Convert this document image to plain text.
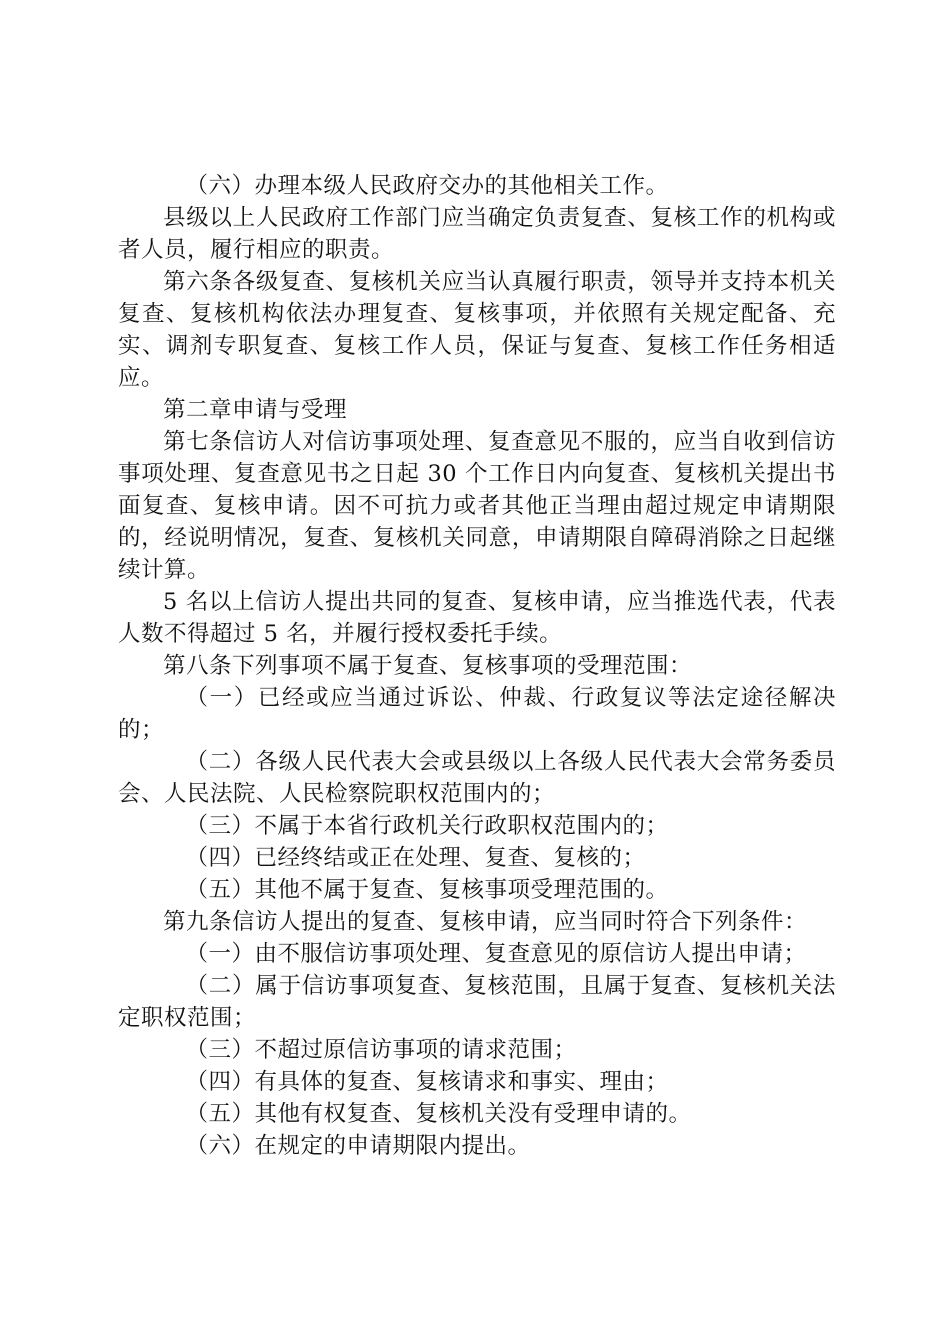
（六）办理本级人民政府交办的其他相关工作。

县级以上人民政府工作部门应当确定负责复查、复核工作的机构或者人员，履行相应的职责。

第六条各级复查、复核机关应当认真履行职责，领导并支持本机关复查、复核机构依法办理复查、复核事项，并依照有关规定配备、充实、调剂专职复查、复核工作人员，保证与复查、复核工作任务相适应。

第二章申请与受理

第七条信访人对信访事项处理、复查意见不服的，应当自收到信访事项处理、复查意见书之日起 30 个工作日内向复查、复核机关提出书面复查、复核申请。因不可抗力或者其他正当理由超过规定申请期限的，经说明情况，复查、复核机关同意，申请期限自障碍消除之日起继续计算。

5 名以上信访人提出共同的复查、复核申请，应当推选代表，代表人数不得超过 5 名，并履行授权委托手续。

第八条下列事项不属于复查、复核事项的受理范围：

（一）已经或应当通过诉讼、仲裁、行政复议等法定途径解决的；

（二）各级人民代表大会或县级以上各级人民代表大会常务委员会、人民法院、人民检察院职权范围内的；

（三）不属于本省行政机关行政职权范围内的；

（四）已经终结或正在处理、复查、复核的；

（五）其他不属于复查、复核事项受理范围的。

第九条信访人提出的复查、复核申请，应当同时符合下列条件：

（一）由不服信访事项处理、复查意见的原信访人提出申请；

（二）属于信访事项复查、复核范围，且属于复查、复核机关法定职权范围；

（三）不超过原信访事项的请求范围；

（四）有具体的复查、复核请求和事实、理由；

（五）其他有权复查、复核机关没有受理申请的。

（六）在规定的申请期限内提出。
